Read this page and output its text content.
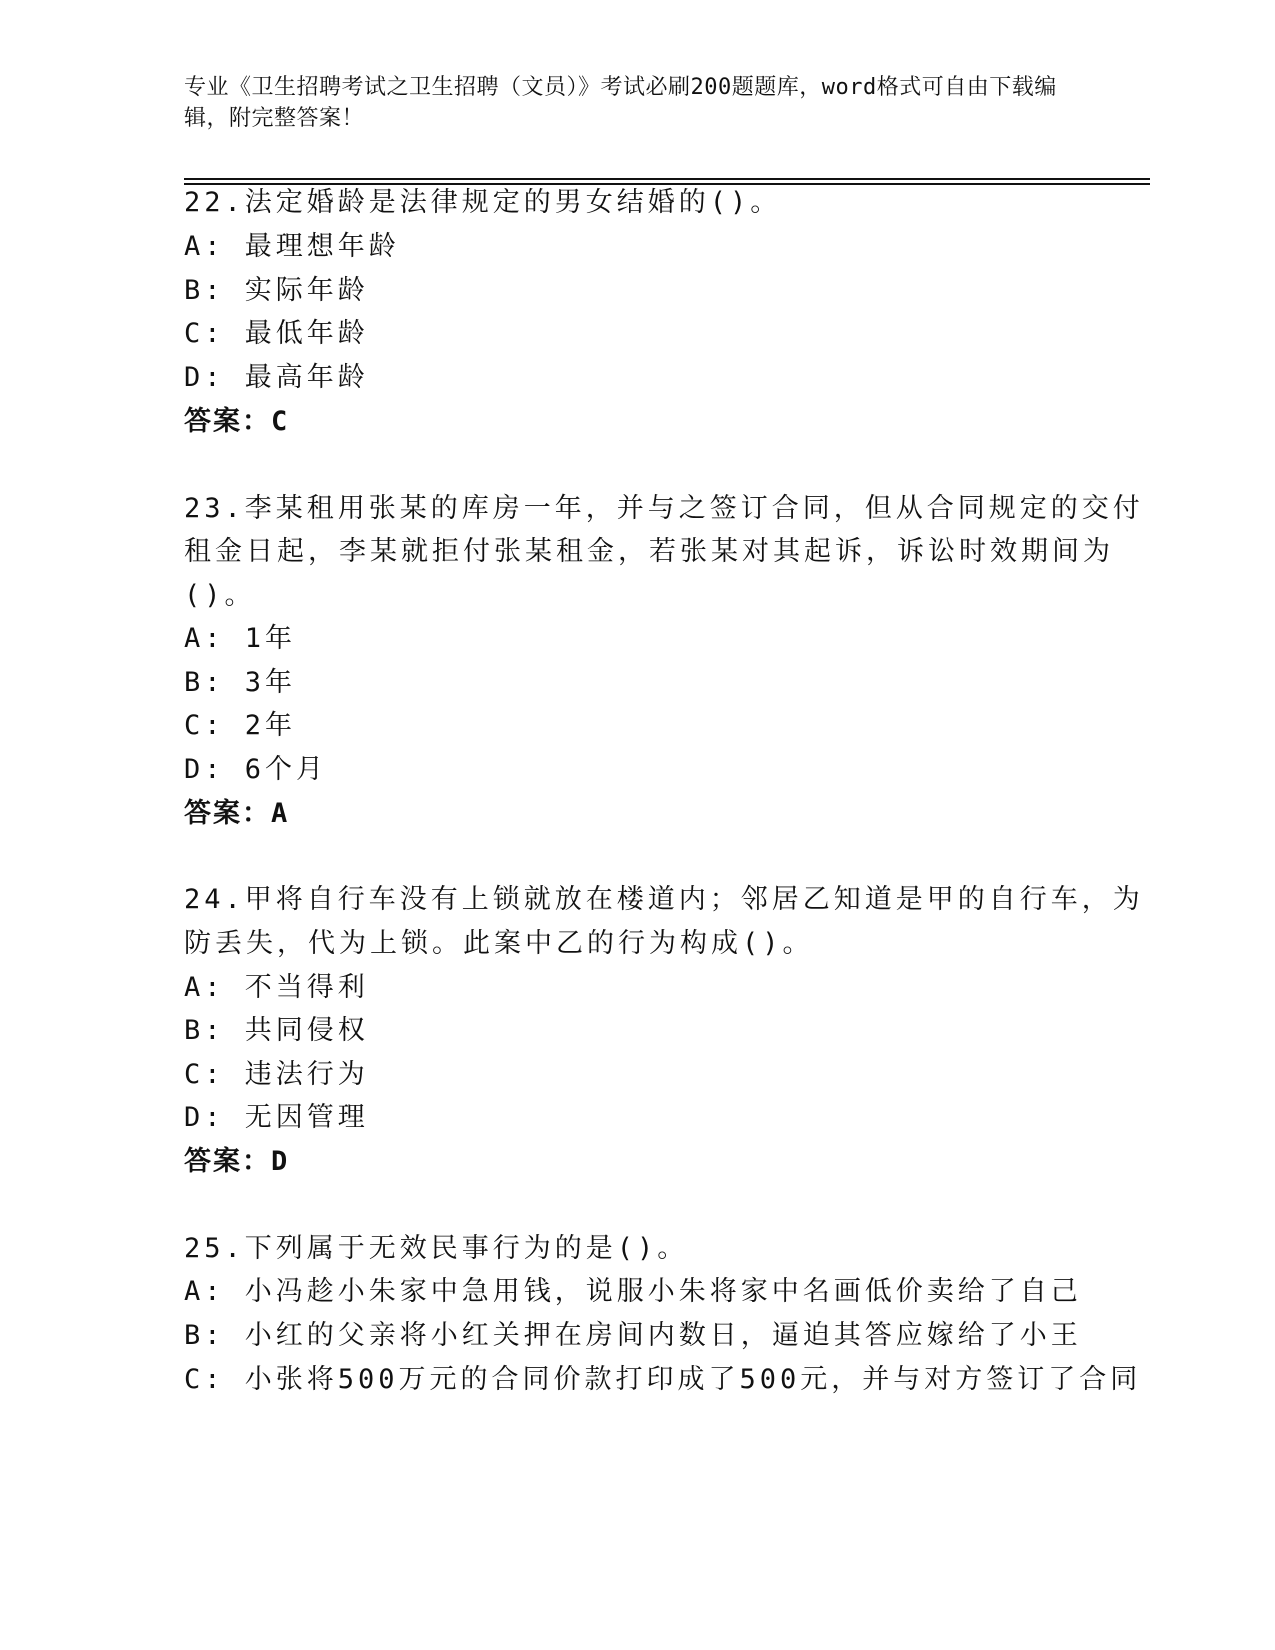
专业《卫生招聘考试之卫生招聘（文员）》考试必刷200题题库，word格式可自由下载编辑，附完整答案！
22.法定婚龄是法律规定的男女结婚的()。
A: 最理想年龄
B: 实际年龄
C: 最低年龄
D: 最高年龄
答案：C
23.李某租用张某的库房一年，并与之签订合同，但从合同规定的交付
租金日起，李某就拒付张某租金，若张某对其起诉，诉讼时效期间为
()。
A: 1年
B: 3年
C: 2年
D: 6个月
答案：A
24.甲将自行车没有上锁就放在楼道内；邻居乙知道是甲的自行车，为
防丢失，代为上锁。此案中乙的行为构成()。
A: 不当得利
B: 共同侵权
C: 违法行为
D: 无因管理
答案：D
25.下列属于无效民事行为的是()。
A: 小冯趁小朱家中急用钱，说服小朱将家中名画低价卖给了自己
B: 小红的父亲将小红关押在房间内数日，逼迫其答应嫁给了小王
C: 小张将500万元的合同价款打印成了500元，并与对方签订了合同
